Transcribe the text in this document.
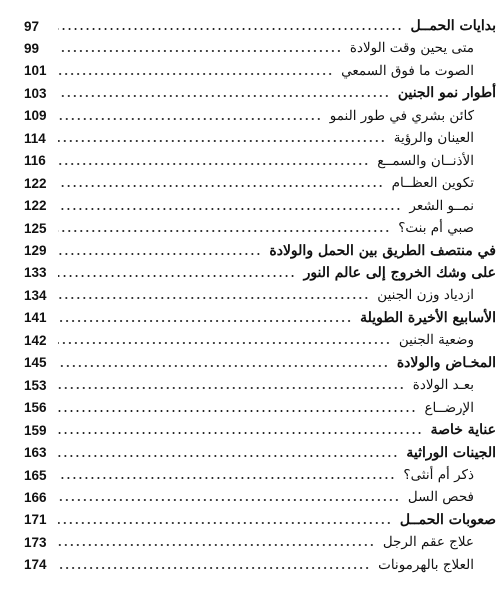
بدايات الحمــل
97
متى يحين وقت الولادة
99
الصوت ما فوق السمعي
101
أطوار نمو الجنين
103
كائن بشري في طور النمو
109
العينان والرؤية
114
الأذنــان والسمــع
116
تكوين العظــام
122
نمــو الشعر
122
صبي أم بنت؟
125
في منتصف الطريق بين الحمل والولادة
129
على وشك الخروج إلى عالم النور
133
ازدياد وزن الجنين
134
الأسابيع الأخيرة الطويلة
141
وضعية الجنين
142
المخـاض والولادة
145
بعـد الولادة
153
الإرضــاع
156
عناية خاصة
159
الجينات الوراثية
163
ذكر أم أنثى؟
165
فحص السل
166
صعوبات الحمــل
171
علاج عقم الرجل
173
العلاج بالهرمونات
174
